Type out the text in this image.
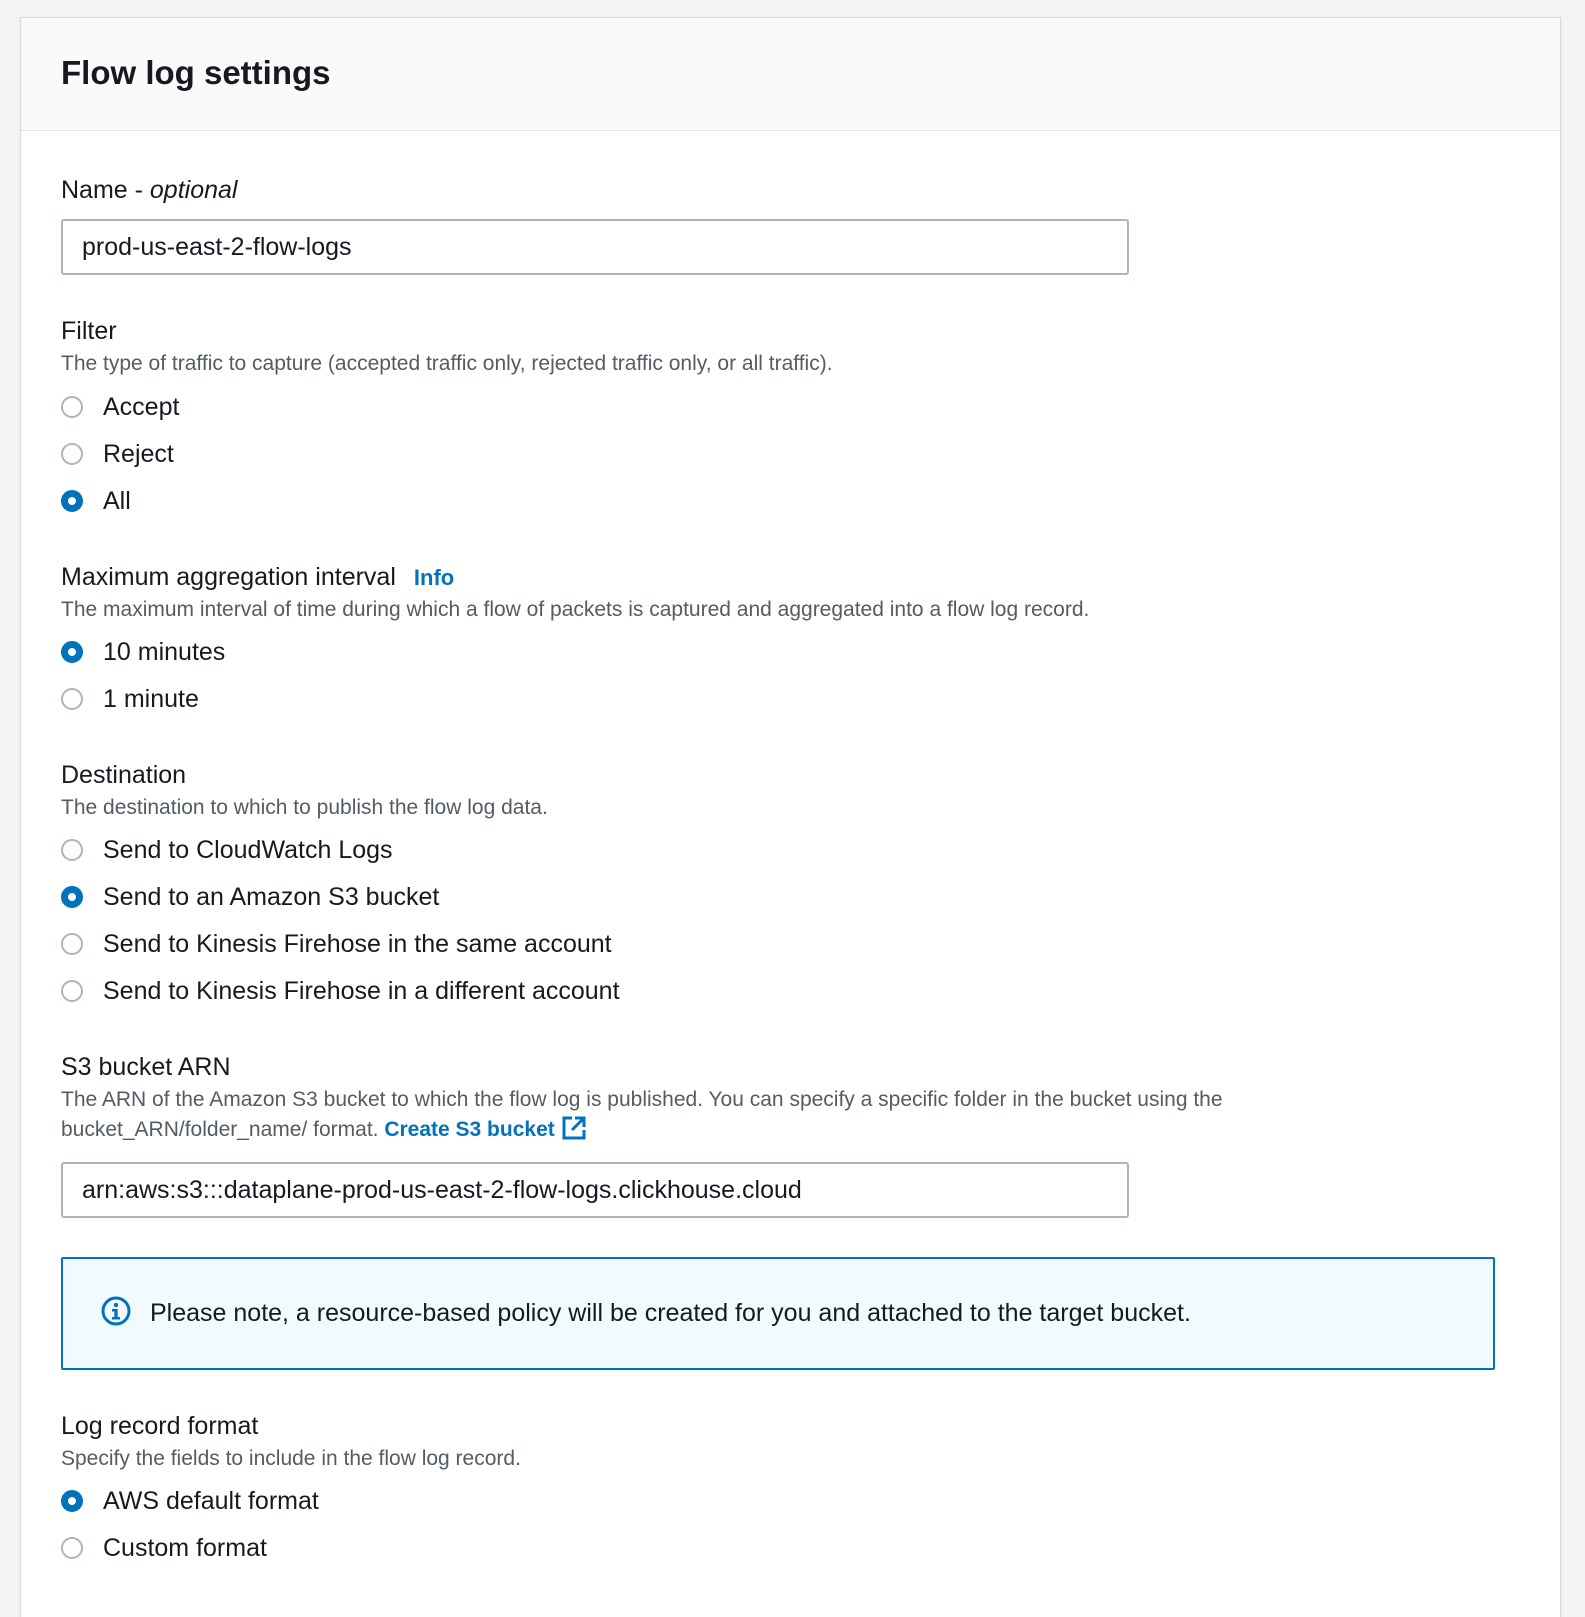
Flow log settings
Name - optional
prod-us-east-2-flow-logs
Filter
The type of traffic to capture (accepted traffic only, rejected traffic only, or all traffic).
Accept
Reject
All
Maximum aggregation interval Info
The maximum interval of time during which a flow of packets is captured and aggregated into a flow log record.
10 minutes
1 minute
Destination
The destination to which to publish the flow log data.
Send to CloudWatch Logs
Send to an Amazon S3 bucket
Send to Kinesis Firehose in the same account
Send to Kinesis Firehose in a different account
S3 bucket ARN
The ARN of the Amazon S3 bucket to which the flow log is published. You can specify a specific folder in the bucket using the
bucket_ARN/folder_name/ format. Create S3 bucket
arn:aws:s3:::dataplane-prod-us-east-2-flow-logs.clickhouse.cloud
Please note, a resource-based policy will be created for you and attached to the target bucket.
Log record format
Specify the fields to include in the flow log record.
AWS default format
Custom format
